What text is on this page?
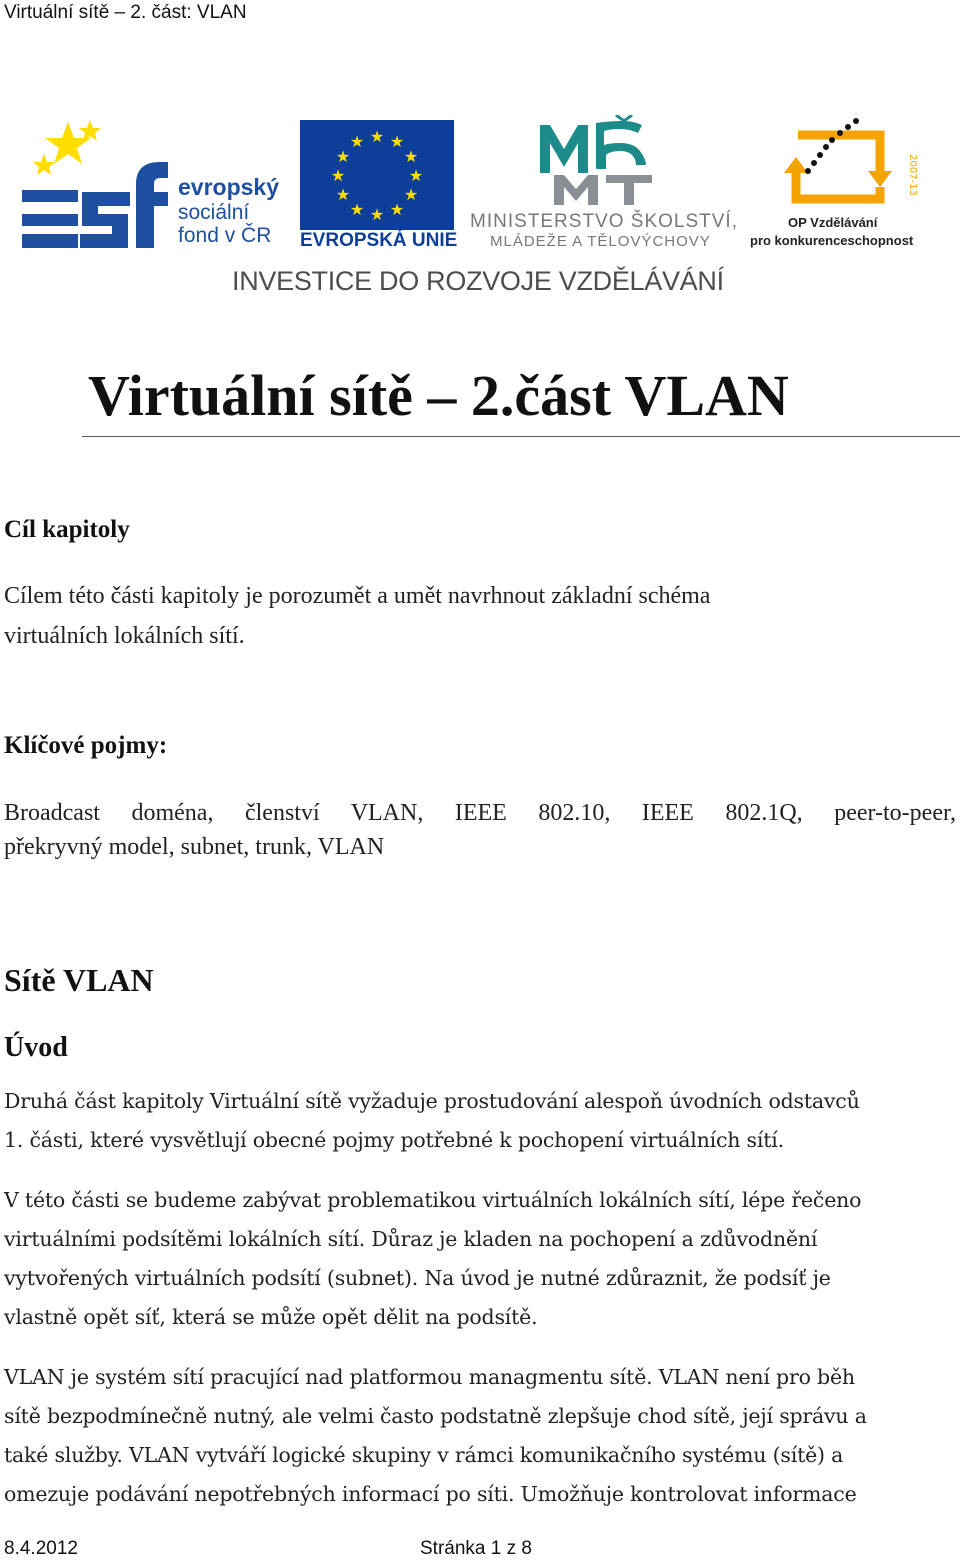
Virtuální sítě – 2. část: VLAN
evropský
sociální
fond v ČR
★ ★
★
★
★
★
★
★
★
★
★
★
EVROPSKÁ UNIE
MINISTERSTVO ŠKOLSTVÍ,
MLÁDEŽE A TĚLOVÝCHOVY
2007-13
OP Vzdělávání
pro konkurenceschopnost
INVESTICE DO ROZVOJE VZDĚLÁVÁNÍ
Virtuální sítě – 2.část VLAN
Cíl kapitoly
Cílem této části kapitoly je porozumět a umět navrhnout základní schéma
virtuálních lokálních sítí.
Klíčové pojmy:
Broadcast doména, členství VLAN, IEEE 802.10, IEEE 802.1Q, peer-to-peer,
překryvný model, subnet, trunk, VLAN
Sítě VLAN
Úvod
Druhá část kapitoly Virtuální sítě vyžaduje prostudování alespoň úvodních odstavců
1. části, které vysvětlují obecné pojmy potřebné k pochopení virtuálních sítí.
V této části se budeme zabývat problematikou virtuálních lokálních sítí, lépe řečeno
virtuálními podsítěmi lokálních sítí. Důraz je kladen na pochopení a zdůvodnění
vytvořených virtuálních podsítí (subnet). Na úvod je nutné zdůraznit, že podsíť je
vlastně opět síť, která se může opět dělit na podsítě.
VLAN je systém sítí pracující nad platformou managmentu sítě. VLAN není pro běh
sítě bezpodmínečně nutný, ale velmi často podstatně zlepšuje chod sítě, její správu a
také služby. VLAN vytváří logické skupiny v rámci komunikačního systému (sítě) a
omezuje podávání nepotřebných informací po síti. Umožňuje kontrolovat informace
8.4.2012	Stránka 1 z 8
